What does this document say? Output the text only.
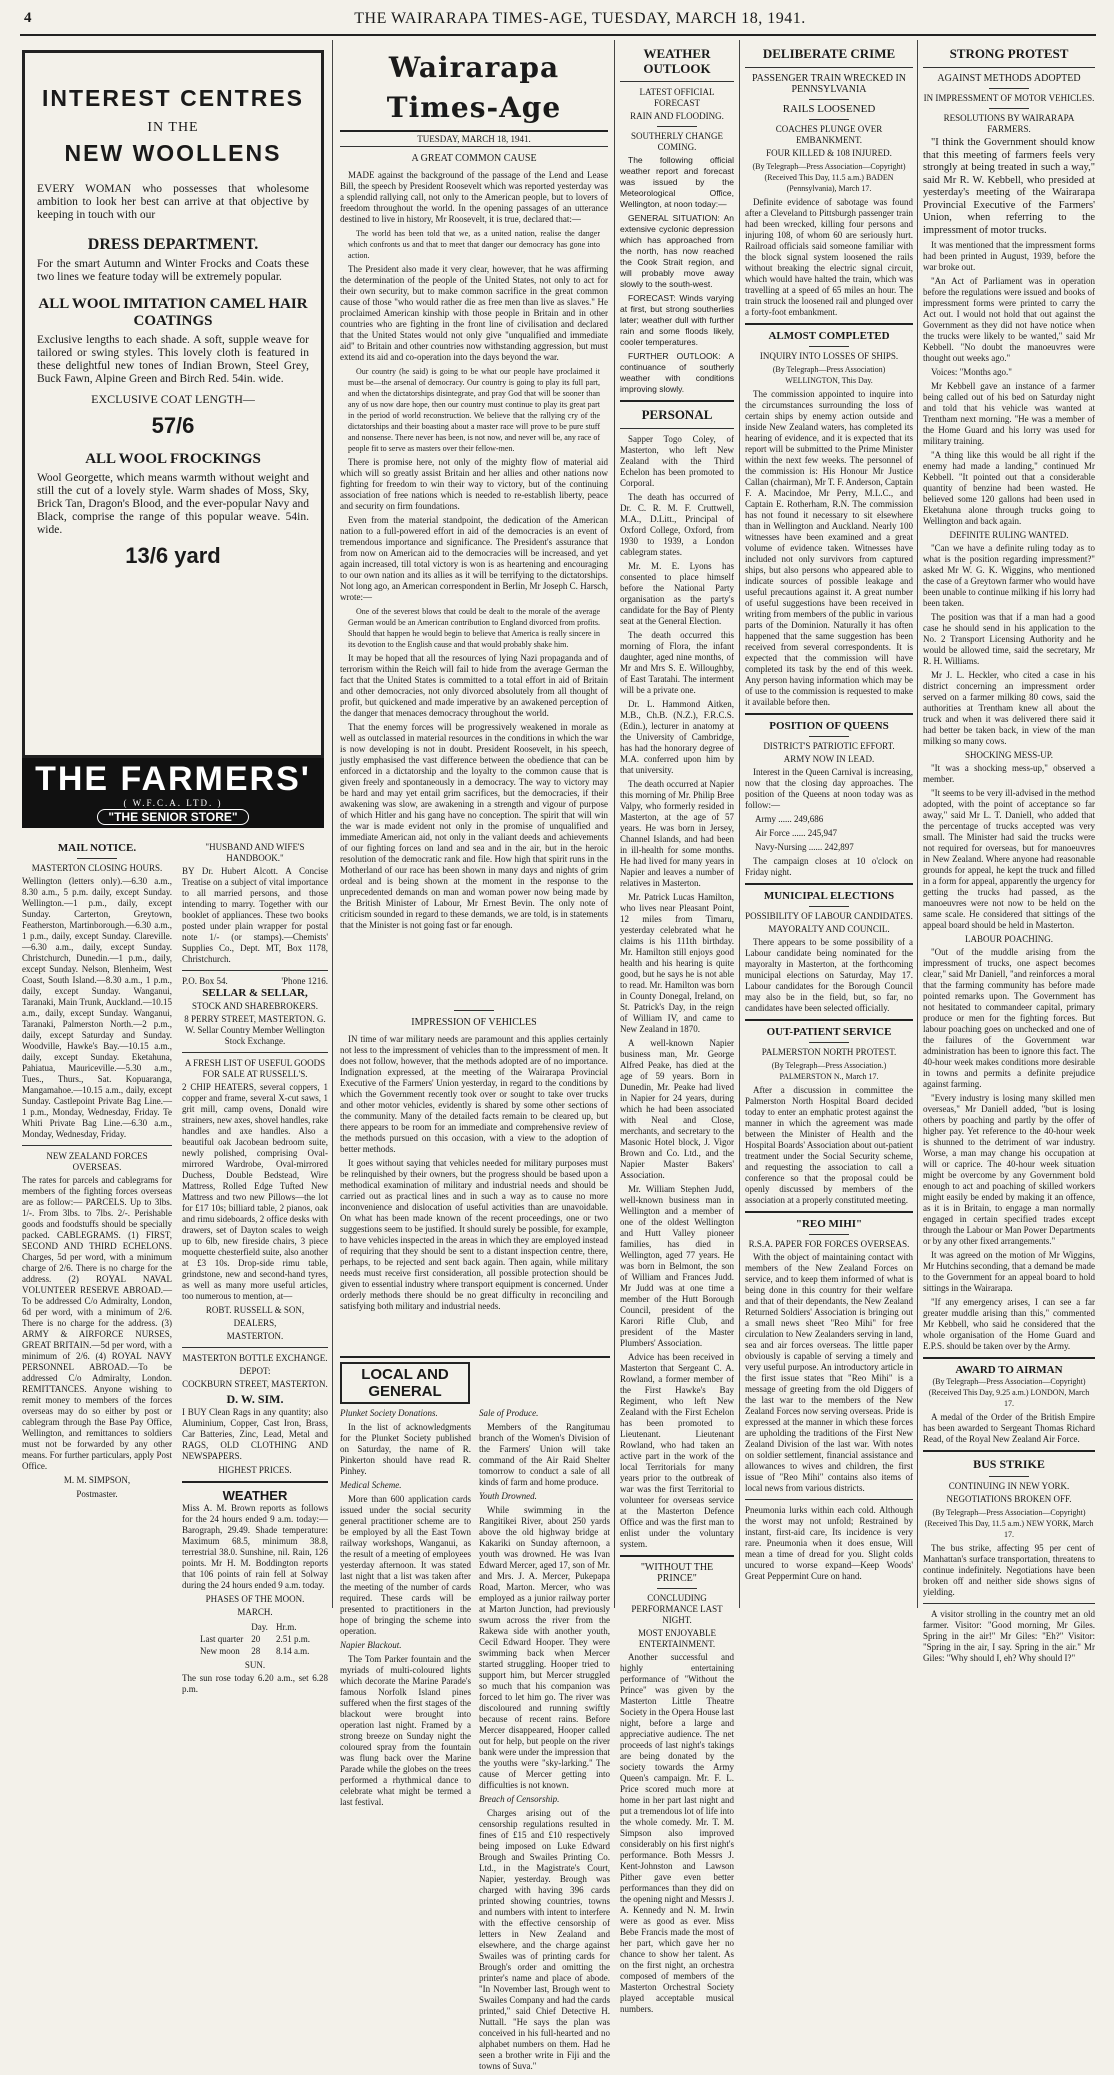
4	THE WAIRARAPA TIMES-AGE, TUESDAY, MARCH 18, 1941.
INTEREST CENTRES
IN THE
NEW WOOLLENS
EVERY WOMAN who possesses that wholesome ambition to look her best can arrive at that objective by keeping in touch with our
DRESS DEPARTMENT.
For the smart Autumn and Winter Frocks and Coats these two lines we feature today will be extremely popular.
ALL WOOL IMITATION CAMEL HAIR COATINGS
Exclusive lengths to each shade. A soft, supple weave for tailored or swing styles. This lovely cloth is featured in these delightful new tones of Indian Brown, Steel Grey, Buck Fawn, Alpine Green and Birch Red. 54in. wide.
EXCLUSIVE COAT LENGTH—
57/6
ALL WOOL FROCKINGS
Wool Georgette, which means warmth without weight and still the cut of a lovely style. Warm shades of Moss, Sky, Brick Tan, Dragon's Blood, and the ever-popular Navy and Black, comprise the range of this popular weave. 54in. wide.
13/6 yard
THE FARMERS'
( W.F.C.A. LTD. )
"THE SENIOR STORE"
MAIL NOTICE.
MASTERTON CLOSING HOURS.

Wellington (letters only).—6.30 a.m., 8.30 a.m., 5 p.m. daily, except Sunday. Wellington.—1 p.m., daily, except Sunday. Carterton, Greytown, Featherston, Martinborough.—6.30 a.m., 1 p.m., daily, except Sunday. Clareville.—6.30 a.m., daily, except Sunday. Christchurch, Dunedin.—1 p.m., daily, except Sunday. Nelson, Blenheim, West Coast, South Island.—8.30 a.m., 1 p.m., daily, except Sunday. Wanganui, Taranaki, Main Trunk, Auckland.—10.15 a.m., daily, except Sunday. Wanganui, Taranaki, Palmerston North.—2 p.m., daily, except Saturday and Sunday. Woodville, Hawke's Bay.—10.15 a.m., daily, except Sunday. Eketahuna, Pahiatua, Mauriceville.—5.30 a.m., Tues., Thurs., Sat. Kopuaranga, Mangamahoe.—10.15 a.m., daily, except Sunday. Castlepoint Private Bag Line.—1 p.m., Monday, Wednesday, Friday. Te Whiti Private Bag Line.—6.30 a.m., Monday, Wednesday, Friday.

NEW ZEALAND FORCES OVERSEAS.

The rates for parcels and cablegrams for members of the fighting forces overseas are as follow:— PARCELS. Up to 3lbs. 1/-. From 3lbs. to 7lbs. 2/-. Perishable goods and foodstuffs should be specially packed. CABLEGRAMS. (1) FIRST, SECOND AND THIRD ECHELONS. Charges, 5d per word, with a minimum charge of 2/6. There is no charge for the address. (2) ROYAL NAVAL VOLUNTEER RESERVE ABROAD.—To be addressed C/o Admiralty, London, 6d per word, with a minimum of 2/6. There is no charge for the address. (3) ARMY & AIRFORCE NURSES, GREAT BRITAIN.—5d per word, with a minimum of 2/6. (4) ROYAL NAVY PERSONNEL ABROAD.—To be addressed C/o Admiralty, London. REMITTANCES. Anyone wishing to remit money to members of the forces overseas may do so either by post or cablegram through the Base Pay Office, Wellington, and remittances to soldiers must not be forwarded by any other means. For further particulars, apply Post Office.

M. M. SIMPSON,

Postmaster.

"HUSBAND AND WIFE'S HANDBOOK."

BY Dr. Hubert Alcott. A Concise Treatise on a subject of vital importance to all married persons, and those intending to marry. Together with our booklet of appliances. These two books posted under plain wrapper for postal note 1/- (or stamps).—Chemists' Supplies Co., Dept. MT, Box 1178, Christchurch.

P.O. Box 54.	'Phone 1216.
SELLAR & SELLAR,
STOCK AND SHAREBROKERS.

8 PERRY STREET, MASTERTON. G. W. Sellar Country Member Wellington Stock Exchange.

A FRESH LIST OF USEFUL GOODS FOR SALE AT RUSSELL'S.

2 CHIP HEATERS, several coppers, 1 copper and frame, several X-cut saws, 1 grit mill, camp ovens, Donald wire strainers, new axes, shovel handles, rake handles and axe handles. Also a beautiful oak Jacobean bedroom suite, newly polished, comprising Oval-mirrored Wardrobe, Oval-mirrored Duchess, Double Bedstead, Wire Mattress, Rolled Edge Tufted New Mattress and two new Pillows—the lot for £17 10s; billiard table, 2 pianos, oak and rimu sideboards, 2 office desks with drawers, set of Dayton scales to weigh up to 6lb, new fireside chairs, 3 piece moquette chesterfield suite, also another at £3 10s. Drop-side rimu table, grindstone, new and second-hand tyres, as well as many more useful articles, too numerous to mention, at—

ROBT. RUSSELL & SON,
DEALERS,
MASTERTON.
MASTERTON BOTTLE EXCHANGE.
DEPOT:
COCKBURN STREET, MASTERTON.
D. W. SIM.

I BUY Clean Rags in any quantity; also Aluminium, Copper, Cast Iron, Brass, Car Batteries, Zinc, Lead, Metal and RAGS, OLD CLOTHING AND NEWSPAPERS.

HIGHEST PRICES.
WEATHER

Miss A. M. Brown reports as follows for the 24 hours ended 9 a.m. today:—Barograph, 29.49. Shade temperature: Maximum 68.5, minimum 38.8, terrestrial 38.0. Sunshine, nil. Rain, 126 points. Mr H. M. Boddington reports that 106 points of rain fell at Solway during the 24 hours ended 9 a.m. today.

PHASES OF THE MOON.
MARCH.
	Day.	Hr.m.
Last quarter	20	2.51 p.m.
New moon	28	8.14 a.m.
SUN.

The sun rose today 6.20 a.m., set 6.28 p.m.

Wairarapa Times-Age
TUESDAY, MARCH 18, 1941.
A GREAT COMMON CAUSE

MADE against the background of the passage of the Lend and Lease Bill, the speech by President Roosevelt which was reported yesterday was a splendid rallying call, not only to the American people, but to lovers of freedom throughout the world. In the opening passages of an utterance destined to live in history, Mr Roosevelt, it is true, declared that:—

The world has been told that we, as a united nation, realise the danger which confronts us and that to meet that danger our democracy has gone into action.

The President also made it very clear, however, that he was affirming the determination of the people of the United States, not only to act for their own security, but to make common sacrifice in the great common cause of those "who would rather die as free men than live as slaves." He proclaimed American kinship with those people in Britain and in other countries who are fighting in the front line of civilisation and declared that the United States would not only give "unqualified and immediate aid" to Britain and other countries now withstanding aggression, but must extend its aid and co-operation into the days beyond the war.

Our country (he said) is going to be what our people have proclaimed it must be—the arsenal of democracy. Our country is going to play its full part, and when the dictatorships disintegrate, and pray God that will be sooner than any of us now dare hope, then our country must continue to play its great part in the period of world reconstruction. We believe that the rallying cry of the dictatorships and their boasting about a master race will prove to be pure stuff and nonsense. There never has been, is not now, and never will be, any race of people fit to serve as masters over their fellow-men.

There is promise here, not only of the mighty flow of material aid which will so greatly assist Britain and her allies and other nations now fighting for freedom to win their way to victory, but of the continuing association of free nations which is needed to re-establish liberty, peace and security on firm foundations.

Even from the material standpoint, the dedication of the American nation to a full-powered effort in aid of the democracies is an event of tremendous importance and significance. The President's assurance that from now on American aid to the democracies will be increased, and yet again increased, till total victory is won is as heartening and encouraging to our own nation and its allies as it will be terrifying to the dictatorships. Not long ago, an American correspondent in Berlin, Mr Joseph C. Harsch, wrote:—

One of the severest blows that could be dealt to the morale of the average German would be an American contribution to England divorced from profits. Should that happen he would begin to believe that America is really sincere in its devotion to the English cause and that would probably shake him.

It may be hoped that all the resources of lying Nazi propaganda and of terrorism within the Reich will fail to hide from the average German the fact that the United States is committed to a total effort in aid of Britain and other democracies, not only divorced absolutely from all thought of profit, but quickened and made imperative by an awakened perception of the danger that menaces democracy throughout the world.

That the enemy forces will be progressively weakened in morale as well as outclassed in material resources in the conditions in which the war is now developing is not in doubt. President Roosevelt, in his speech, justly emphasised the vast difference between the obedience that can be enforced in a dictatorship and the loyalty to the common cause that is given freely and spontaneously in a democracy. The way to victory may be hard and may yet entail grim sacrifices, but the democracies, if their awakening was slow, are awakening in a strength and vigour of purpose of which Hitler and his gang have no conception. The spirit that will win the war is made evident not only in the promise of unqualified and immediate American aid, not only in the valiant deeds and achievements of our fighting forces on land and sea and in the air, but in the heroic resolution of the democratic rank and file. How high that spirit runs in the Motherland of our race has been shown in many days and nights of grim ordeal and is being shown at the moment in the response to the unprecedented demands on man and woman power now being made by the British Minister of Labour, Mr Ernest Bevin. The only note of criticism sounded in regard to these demands, we are told, is in statements that the Minister is not going fast or far enough.

IMPRESSION OF VEHICLES

IN time of war military needs are paramount and this applies certainly not less to the impressment of vehicles than to the impressment of men. It does not follow, however, that the methods adopted are of no importance. Indignation expressed, at the meeting of the Wairarapa Provincial Executive of the Farmers' Union yesterday, in regard to the conditions by which the Government recently took over or sought to take over trucks and other motor vehicles, evidently is shared by some other sections of the community. Many of the detailed facts remain to be cleared up, but there appears to be room for an immediate and comprehensive review of the methods pursued on this occasion, with a view to the adoption of better methods.

It goes without saying that vehicles needed for military purposes must be relinquished by their owners, but the progress should be based upon a methodical examination of military and industrial needs and should be carried out as practical lines and in such a way as to cause no more inconvenience and dislocation of useful activities than are unavoidable. On what has been made known of the recent proceedings, one or two suggestions seem to be justified. It should surely be possible, for example, to have vehicles inspected in the areas in which they are employed instead of requiring that they should be sent to a distant inspection centre, there, perhaps, to be rejected and sent back again. Then again, while military needs must receive first consideration, all possible protection should be given to essential industry where transport equipment is concerned. Under orderly methods there should be no great difficulty in reconciling and satisfying both military and industrial needs.

LOCAL AND GENERAL

Plunket Society Donations.

In the list of acknowledgments for the Plunket Society published on Saturday, the name of R. Pinkerton should have read R. Pinhey.

Medical Scheme.

More than 600 application cards issued under the social security general practitioner scheme are to be employed by all the East Town railway workshops, Wanganui, as the result of a meeting of employees yesterday afternoon. It was stated last night that a list was taken after the meeting of the number of cards required. These cards will be presented to practitioners in the hope of bringing the scheme into operation.

Napier Blackout.

The Tom Parker fountain and the myriads of multi-coloured lights which decorate the Marine Parade's famous Norfolk Island pines suffered when the first stages of the blackout were brought into operation last night. Framed by a strong breeze on Sunday night the coloured spray from the fountain was flung back over the Marine Parade while the globes on the trees performed a rhythmical dance to celebrate what might be termed a last festival.

Sale of Produce.

Members of the Rangitumau branch of the Women's Division of the Farmers' Union will take command of the Air Raid Shelter tomorrow to conduct a sale of all kinds of farm and home produce.

Youth Drowned.

While swimming in the Rangitikei River, about 250 yards above the old highway bridge at Kakariki on Sunday afternoon, a youth was drowned. He was Ivan Edward Mercer, aged 17, son of Mr. and Mrs. J. A. Mercer, Pukepapa Road, Marton. Mercer, who was employed as a junior railway porter at Marton Junction, had previously swum across the river from the Rakewa side with another youth, Cecil Edward Hooper. They were swimming back when Mercer started struggling. Hooper tried to support him, but Mercer struggled so much that his companion was forced to let him go. The river was discoloured and running swiftly because of recent rains. Before Mercer disappeared, Hooper called out for help, but people on the river bank were under the impression that the youths were "sky-larking." The cause of Mercer getting into difficulties is not known.

Breach of Censorship.

Charges arising out of the censorship regulations resulted in fines of £15 and £10 respectively being imposed on Luke Edward Brough and Swailes Printing Co. Ltd., in the Magistrate's Court, Napier, yesterday. Brough was charged with having 396 cards printed showing countries, towns and numbers with intent to interfere with the effective censorship of letters in New Zealand and elsewhere, and the charge against Swailes was of printing cards for Brough's order and omitting the printer's name and place of abode. "In November last, Brough went to Swailes Company and had the cards printed," said Chief Detective H. Nuttall. "He says the plan was conceived in his full-hearted and no alphabet numbers on them. Had he seen a brother write in Fiji and the towns of Suva."

WEATHER OUTLOOK
LATEST OFFICIAL FORECAST
RAIN AND FLOODING.
SOUTHERLY CHANGE COMING.

The following official weather report and forecast was issued by the Meteorological Office, Wellington, at noon today:—

GENERAL SITUATION: An extensive cyclonic depression which has approached from the north, has now reached the Cook Strait region, and will probably move away slowly to the south-west.

FORECAST: Winds varying at first, but strong southerlies later; weather dull with further rain and some floods likely, cooler temperatures.

FURTHER OUTLOOK: A continuance of southerly weather with conditions improving slowly.

PERSONAL

Sapper Togo Coley, of Masterton, who left New Zealand with the Third Echelon has been promoted to Corporal.

The death has occurred of Dr. C. R. M. F. Cruttwell, M.A., D.Litt., Principal of Oxford College, Oxford, from 1930 to 1939, a London cablegram states.

Mr. M. E. Lyons has consented to place himself before the National Party organisation as the party's candidate for the Bay of Plenty seat at the General Election.

The death occurred this morning of Flora, the infant daughter, aged nine months, of Mr and Mrs S. E. Willoughby, of East Taratahi. The interment will be a private one.

Dr. L. Hammond Aitken, M.B., Ch.B. (N.Z.), F.R.C.S. (Edin.), lecturer in anatomy at the University of Cambridge, has had the honorary degree of M.A. conferred upon him by that university.

The death occurred at Napier this morning of Mr. Philip Bree Valpy, who formerly resided in Masterton, at the age of 57 years. He was born in Jersey, Channel Islands, and had been in ill-health for some months. He had lived for many years in Napier and leaves a number of relatives in Masterton.

Mr. Patrick Lucas Hamilton, who lives near Pleasant Point, 12 miles from Timaru, yesterday celebrated what he claims is his 111th birthday. Mr. Hamilton still enjoys good health and his hearing is quite good, but he says he is not able to read. Mr. Hamilton was born in County Donegal, Ireland, on St. Patrick's Day, in the reign of William IV, and came to New Zealand in 1870.

A well-known Napier business man, Mr. George Alfred Peake, has died at the age of 59 years. Born in Dunedin, Mr. Peake had lived in Napier for 24 years, during which he had been associated with Neal and Close, merchants, and secretary to the Masonic Hotel block, J. Vigor Brown and Co. Ltd., and the Napier Master Bakers' Association.

Mr. William Stephen Judd, well-known business man in Wellington and a member of one of the oldest Wellington and Hutt Valley pioneer families, has died in Wellington, aged 77 years. He was born in Belmont, the son of William and Frances Judd. Mr Judd was at one time a member of the Hutt Borough Council, president of the Karori Rifle Club, and president of the Master Plumbers' Association.

Advice has been received in Masterton that Sergeant C. A. Rowland, a former member of the First Hawke's Bay Regiment, who left New Zealand with the First Echelon has been promoted to Lieutenant. Lieutenant Rowland, who had taken an active part in the work of the local Territorials for many years prior to the outbreak of war was the first Territorial to volunteer for overseas service at the Masterton Defence Office and was the first man to enlist under the voluntary system.

"WITHOUT THE PRINCE"
CONCLUDING PERFORMANCE LAST NIGHT.
MOST ENJOYABLE ENTERTAINMENT.

Another successful and highly entertaining performance of "Without the Prince" was given by the Masterton Little Theatre Society in the Opera House last night, before a large and appreciative audience. The net proceeds of last night's takings are being donated by the society towards the Army Queen's campaign. Mr. F. L. Price scored much more at home in her part last night and put a tremendous lot of life into the whole comedy. Mr. T. M. Simpson also improved considerably on his first night's performance. Both Messrs J. Kent-Johnston and Lawson Pither gave even better performances than they did on the opening night and Messrs J. A. Kennedy and N. M. Irwin were as good as ever. Miss Bebe Francis made the most of her part, which gave her no chance to show her talent. As on the first night, an orchestra composed of members of the Masterton Orchestral Society played acceptable musical numbers.

DELIBERATE CRIME
PASSENGER TRAIN WRECKED IN PENNSYLVANIA
RAILS LOOSENED
COACHES PLUNGE OVER EMBANKMENT.
FOUR KILLED & 108 INJURED.

(By Telegraph—Press Association—Copyright) (Received This Day, 11.5 a.m.) BADEN (Pennsylvania), March 17.

Definite evidence of sabotage was found after a Cleveland to Pittsburgh passenger train had been wrecked, killing four persons and injuring 108, of whom 60 are seriously hurt. Railroad officials said someone familiar with the block signal system loosened the rails without breaking the electric signal circuit, which would have halted the train, which was travelling at a speed of 65 miles an hour. The train struck the loosened rail and plunged over a forty-foot embankment.

ALMOST COMPLETED
INQUIRY INTO LOSSES OF SHIPS.

(By Telegraph—Press Association) WELLINGTON, This Day.

The commission appointed to inquire into the circumstances surrounding the loss of certain ships by enemy action outside and inside New Zealand waters, has completed its hearing of evidence, and it is expected that its report will be submitted to the Prime Minister within the next few weeks. The personnel of the commission is: His Honour Mr Justice Callan (chairman), Mr T. F. Anderson, Captain F. A. Macindoe, Mr Perry, M.L.C., and Captain E. Rotherham, R.N. The commission has not found it necessary to sit elsewhere than in Wellington and Auckland. Nearly 100 witnesses have been examined and a great volume of evidence taken. Witnesses have included not only survivors from captured ships, but also persons who appeared able to indicate sources of possible leakage and useful precautions against it. A great number of useful suggestions have been received in writing from members of the public in various parts of the Dominion. Naturally it has often happened that the same suggestion has been received from several correspondents. It is expected that the commission will have completed its task by the end of this week. Any person having information which may be of use to the commission is requested to make it available before then.

POSITION OF QUEENS
DISTRICT'S PATRIOTIC EFFORT.
ARMY NOW IN LEAD.

Interest in the Queen Carnival is increasing, now that the closing day approaches. The position of the Queens at noon today was as follow:—

Army ...... 249,686

Air Force ...... 245,947

Navy-Nursing ...... 242,897

The campaign closes at 10 o'clock on Friday night.

MUNICIPAL ELECTIONS
POSSIBILITY OF LABOUR CANDIDATES.
MAYORALTY AND COUNCIL.

There appears to be some possibility of a Labour candidate being nominated for the mayoralty in Masterton, at the forthcoming municipal elections on Saturday, May 17. Labour candidates for the Borough Council may also be in the field, but, so far, no candidates have been selected officially.

OUT-PATIENT SERVICE
PALMERSTON NORTH PROTEST.

(By Telegraph—Press Association.) PALMERSTON N., March 17.

After a discussion in committee the Palmerston North Hospital Board decided today to enter an emphatic protest against the manner in which the agreement was made between the Minister of Health and the Hospital Boards' Association about out-patient treatment under the Social Security scheme, and requesting the association to call a conference so that the proposal could be openly discussed by members of the association at a properly constituted meeting.

"REO MIHI"
R.S.A. PAPER FOR FORCES OVERSEAS.

With the object of maintaining contact with members of the New Zealand Forces on service, and to keep them informed of what is being done in this country for their welfare and that of their dependants, the New Zealand Returned Soldiers' Association is bringing out a small news sheet "Reo Mihi" for free circulation to New Zealanders serving in land, sea and air forces overseas. The little paper obviously is capable of serving a timely and very useful purpose. An introductory article in the first issue states that "Reo Mihi" is a message of greeting from the old Diggers of the last war to the members of the New Zealand Forces now serving overseas. Pride is expressed at the manner in which these forces are upholding the traditions of the First New Zealand Division of the last war. With notes on soldier settlement, financial assistance and allowances to wives and children, the first issue of "Reo Mihi" contains also items of local news from various districts.

Pneumonia lurks within each cold. Although the worst may not unfold; Restrained by instant, first-aid care, Its incidence is very rare. Pneumonia when it does ensue, Will mean a time of dread for you. Slight colds uncured to worse expand—Keep Woods' Great Peppermint Cure on hand.

STRONG PROTEST
AGAINST METHODS ADOPTED
IN IMPRESSMENT OF MOTOR VEHICLES.
RESOLUTIONS BY WAIRARAPA FARMERS.

"I think the Government should know that this meeting of farmers feels very strongly at being treated in such a way," said Mr R. W. Kebbell, who presided at yesterday's meeting of the Wairarapa Provincial Executive of the Farmers' Union, when referring to the impressment of motor trucks.

It was mentioned that the impressment forms had been printed in August, 1939, before the war broke out.

"An Act of Parliament was in operation before the regulations were issued and books of impressment forms were printed to carry the Act out. I would not hold that out against the Government as they did not have notice when the trucks were likely to be wanted," said Mr Kebbell. "No doubt the manoeuvres were thought out weeks ago."

Voices: "Months ago."

Mr Kebbell gave an instance of a farmer being called out of his bed on Saturday night and told that his vehicle was wanted at Trentham next morning. "He was a member of the Home Guard and his lorry was used for military training.

"A thing like this would be all right if the enemy had made a landing," continued Mr Kebbell. "It pointed out that a considerable quantity of benzine had been wasted. He believed some 120 gallons had been used in Eketahuna alone through trucks going to Wellington and back again.

DEFINITE RULING WANTED.

"Can we have a definite ruling today as to what is the position regarding impressment?" asked Mr W. G. K. Wiggins, who mentioned the case of a Greytown farmer who would have been unable to continue milking if his lorry had been taken.

The position was that if a man had a good case he should send in his application to the No. 2 Transport Licensing Authority and he would be allowed time, said the secretary, Mr R. H. Williams.

Mr J. L. Heckler, who cited a case in his district concerning an impressment order served on a farmer milking 80 cows, said the authorities at Trentham knew all about the truck and when it was delivered there said it had better be taken back, in view of the man milking so many cows.

SHOCKING MESS-UP.

"It was a shocking mess-up," observed a member.

"It seems to be very ill-advised in the method adopted, with the point of acceptance so far away," said Mr L. T. Daniell, who added that the percentage of trucks accepted was very small. The Minister had said the trucks were not required for overseas, but for manoeuvres in New Zealand. Where anyone had reasonable grounds for appeal, he kept the truck and filled in a form for appeal, apparently the urgency for getting the trucks had passed, as the manoeuvres were not now to be held on the same scale. He considered that sittings of the appeal board should be held in Masterton.

LABOUR POACHING.

"Out of the muddle arising from the impressment of trucks, one aspect becomes clear," said Mr Daniell, "and reinforces a moral that the farming community has before made pointed remarks upon. The Government has not hesitated to commandeer capital, primary produce or men for the fighting forces. But labour poaching goes on unchecked and one of the failures of the Government war administration has been to ignore this fact. The 40-hour week makes conditions more desirable in towns and permits a definite prejudice against farming.

"Every industry is losing many skilled men overseas," Mr Daniell added, "but is losing others by poaching and partly by the offer of higher pay. Yet reference to the 40-hour week is shunned to the detriment of war industry. Worse, a man may change his occupation at will or caprice. The 40-hour week situation might be overcome by any Government bold enough to act and poaching of skilled workers might easily be ended by making it an offence, as it is in Britain, to engage a man normally engaged in certain specified trades except through the Labour or Man Power Departments or by any other fixed arrangements."

It was agreed on the motion of Mr Wiggins, Mr Hutchins seconding, that a demand be made to the Government for an appeal board to hold sittings in the Wairarapa.

"If any emergency arises, I can see a far greater muddle arising than this," commented Mr Kebbell, who said he considered that the whole organisation of the Home Guard and E.P.S. should be taken over by the Army.

AWARD TO AIRMAN

(By Telegraph—Press Association—Copyright) (Received This Day, 9.25 a.m.) LONDON, March 17.

A medal of the Order of the British Empire has been awarded to Sergeant Thomas Richard Read, of the Royal New Zealand Air Force.

BUS STRIKE
CONTINUING IN NEW YORK.
NEGOTIATIONS BROKEN OFF.

(By Telegraph—Press Association—Copyright) (Received This Day, 11.5 a.m.) NEW YORK, March 17.

The bus strike, affecting 95 per cent of Manhattan's surface transportation, threatens to continue indefinitely. Negotiations have been broken off and neither side shows signs of yielding.

A visitor strolling in the country met an old farmer. Visitor: "Good morning, Mr Giles. Spring in the air!" Mr Giles: "Eh?" Visitor: "Spring in the air, I say. Spring in the air." Mr Giles: "Why should I, eh? Why should I?"
